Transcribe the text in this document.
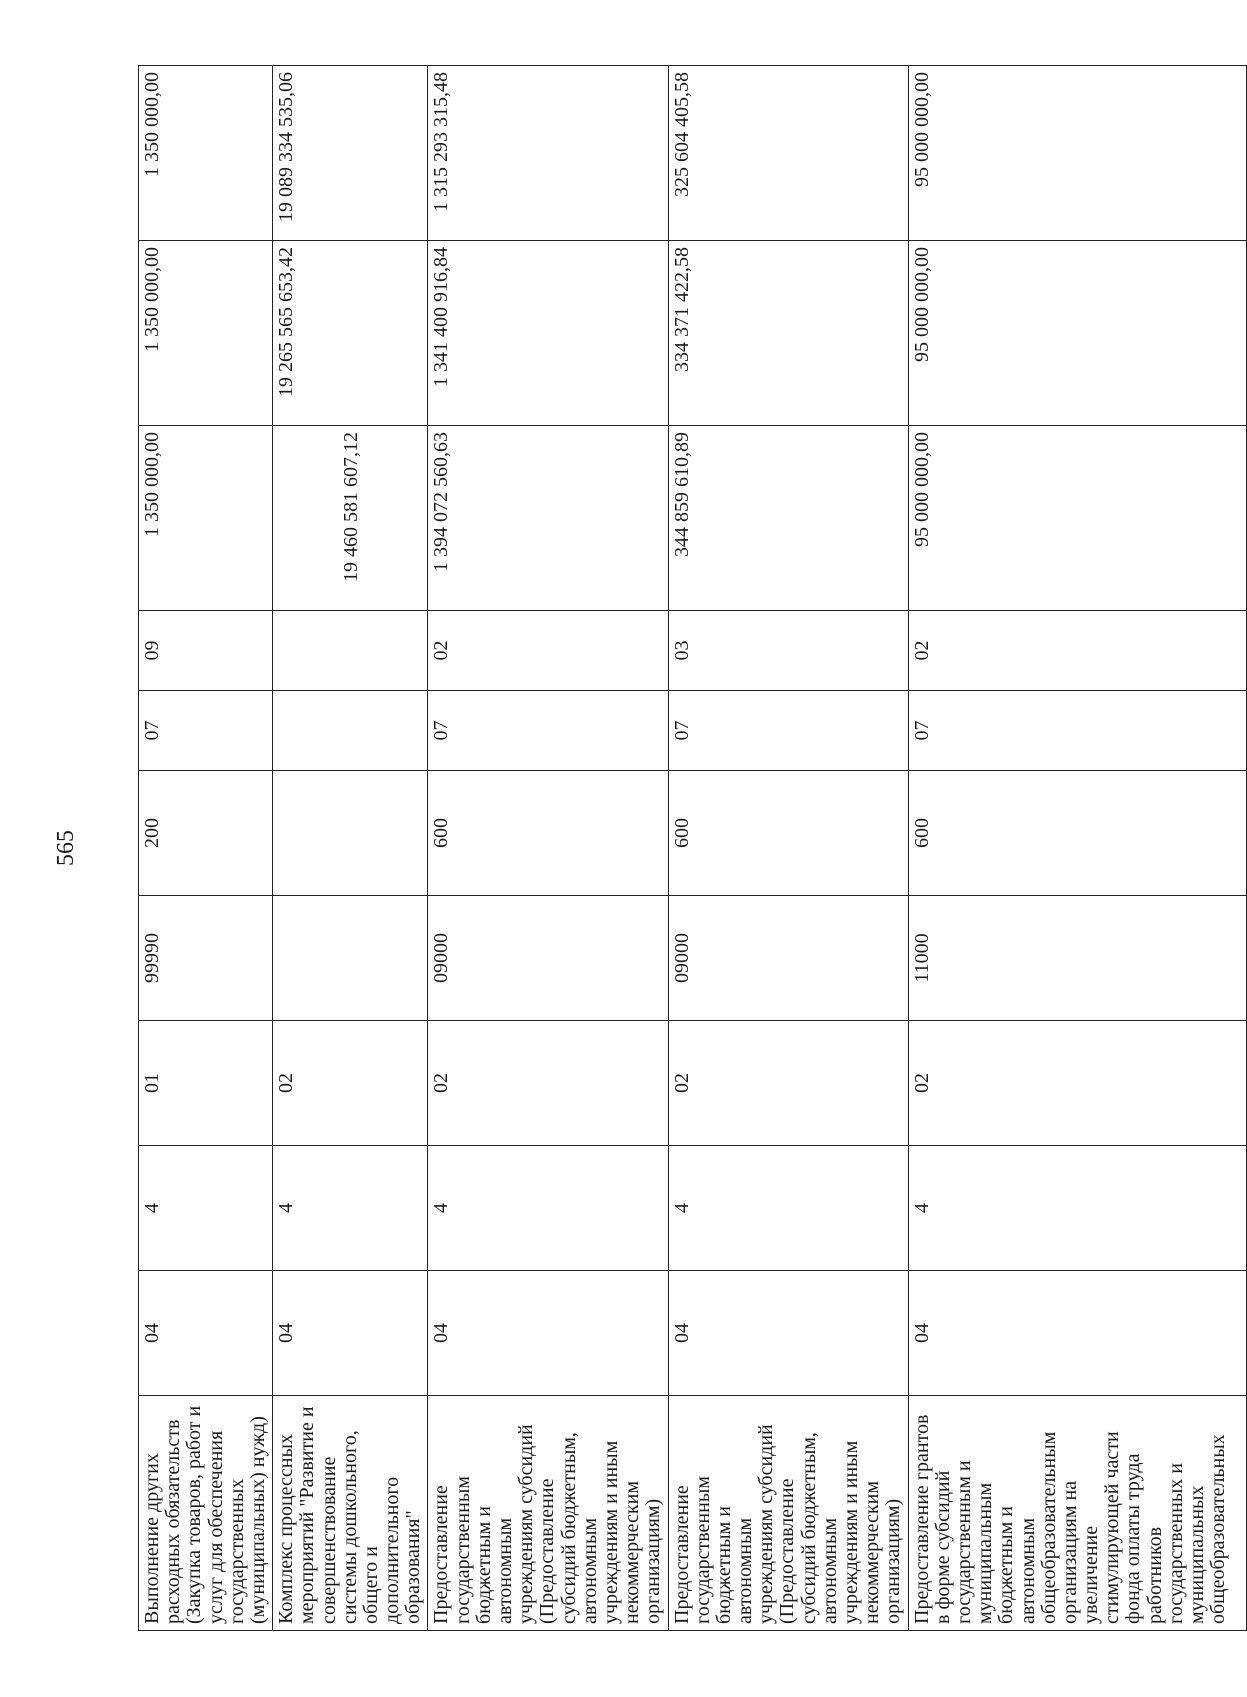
565
Выполнение других расходных обязательств (Закупка товаров, работ и услуг для обеспечения государственных (муниципальных) нужд)	04	4	01	99990	200	07	09	1 350 000,00	1 350 000,00	1 350 000,00
Комплекс процессных мероприятий "Развитие и совершенствование системы дошкольного, общего и дополнительного образования"	04	4	02					19 460 581 607,12	19 265 565 653,42	19 089 334 535,06
Предоставление государственным бюджетным и автономным учреждениям субсидий (Предоставление субсидий бюджетным, автономным учреждениям и иным некоммерческим организациям)	04	4	02	09000	600	07	02	1 394 072 560,63	1 341 400 916,84	1 315 293 315,48
Предоставление государственным бюджетным и автономным учреждениям субсидий (Предоставление субсидий бюджетным, автономным учреждениям и иным некоммерческим организациям)	04	4	02	09000	600	07	03	344 859 610,89	334 371 422,58	325 604 405,58
Предоставление грантов в форме субсидий государственным и муниципальным бюджетным и автономным общеобразовательным организациям на увеличение стимулирующей части фонда оплаты труда работников государственных и муниципальных общеобразовательных	04	4	02	11000	600	07	02	95 000 000,00	95 000 000,00	95 000 000,00
